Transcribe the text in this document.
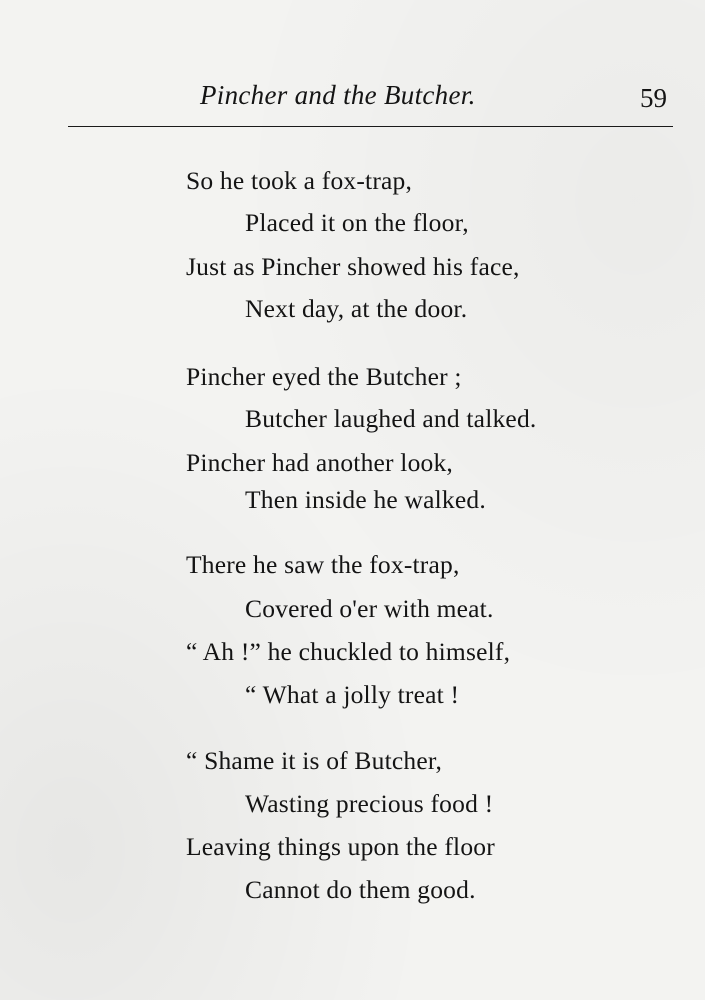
Pincher and the Butcher.	59
So he took a fox-trap,
Placed it on the floor,
Just as Pincher showed his face,
Next day, at the door.
Pincher eyed the Butcher ;
Butcher laughed and talked.
Pincher had another look,
Then inside he walked.
There he saw the fox-trap,
Covered o'er with meat.
“ Ah !” he chuckled to himself,
“ What a jolly treat !
“ Shame it is of Butcher,
Wasting precious food !
Leaving things upon the floor
Cannot do them good.
